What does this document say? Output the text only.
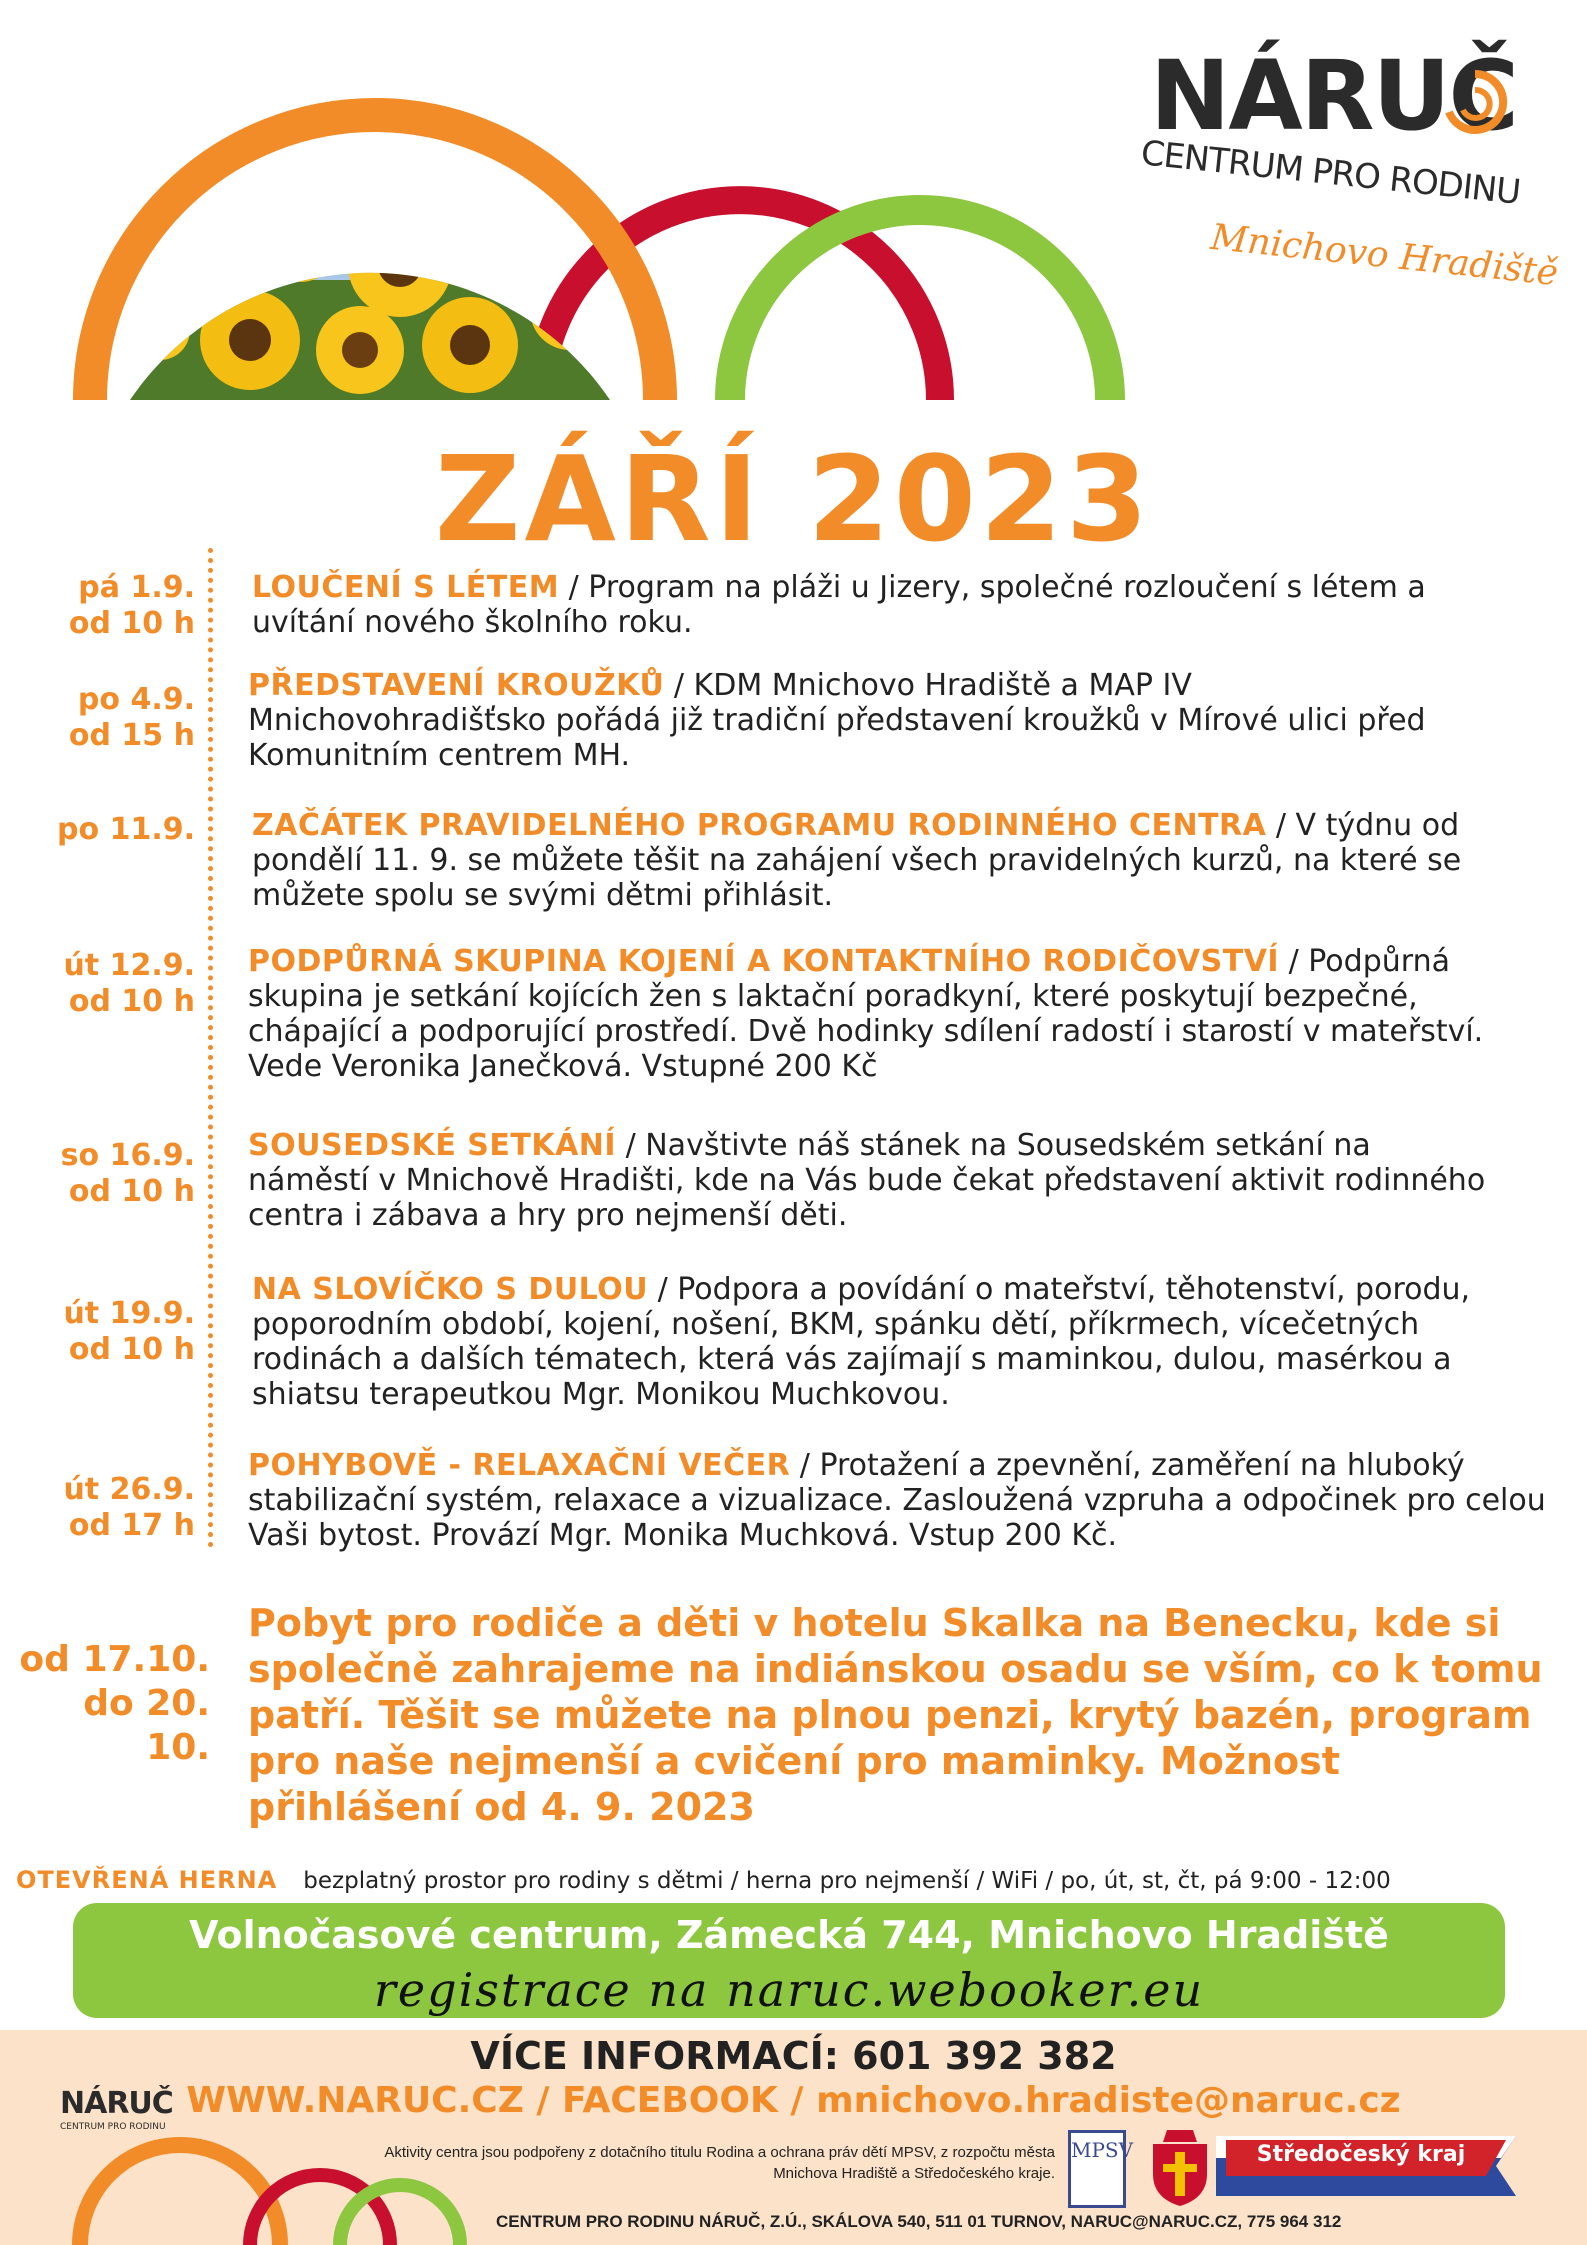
NÁRUČ
CENTRUM PRO RODINU
Mnichovo Hradiště
ZÁŘÍ 2023
pá 1.9.
od 10 h
LOUČENÍ S LÉTEM / Program na pláži u Jizery, společné rozloučení s létem a uvítání nového školního roku.
po 4.9.
od 15 h
PŘEDSTAVENÍ KROUŽKŮ / KDM Mnichovo Hradiště a MAP IV Mnichovohradišťsko pořádá již tradiční představení kroužků v Mírové ulici před Komunitním centrem MH.
po 11.9. ZAČÁTEK PRAVIDELNÉHO PROGRAMU RODINNÉHO CENTRA / V týdnu od pondělí 11. 9. se můžete těšit na zahájení všech pravidelných kurzů, na které se můžete spolu se svými dětmi přihlásit.
út 12.9.
od 10 h
PODPŮRNÁ SKUPINA KOJENÍ A KONTAKTNÍHO RODIČOVSTVÍ / Podpůrná skupina je setkání kojících žen s laktační poradkyní, které poskytují bezpečné, chápající a podporující prostředí. Dvě hodinky sdílení radostí i starostí v mateřství. Vede Veronika Janečková. Vstupné 200 Kč
so 16.9.
od 10 h
SOUSEDSKÉ SETKÁNÍ / Navštivte náš stánek na Sousedském setkání na náměstí v Mnichově Hradišti, kde na Vás bude čekat představení aktivit rodinného centra i zábava a hry pro nejmenší děti.
út 19.9.
od 10 h
NA SLOVÍČKO S DULOU / Podpora a povídání o mateřství, těhotenství, porodu, poporodním období, kojení, nošení, BKM, spánku dětí, příkrmech, vícečetných rodinách a dalších tématech, která vás zajímají s maminkou, dulou, masérkou a shiatsu terapeutkou Mgr. Monikou Muchkovou.
út 26.9.
od 17 h
POHYBOVĚ - RELAXAČNÍ VEČER / Protažení a zpevnění, zaměření na hluboký stabilizační systém, relaxace a vizualizace. Zasloužená vzpruha a odpočinek pro celou Vaši bytost. Provází Mgr. Monika Muchková. Vstup 200 Kč.
od 17.10.
do 20. 10.
Pobyt pro rodiče a děti v hotelu Skalka na Benecku, kde si společně zahrajeme na indiánskou osadu se vším, co k tomu patří. Těšit se můžete na plnou penzi, krytý bazén, program pro naše nejmenší a cvičení pro maminky. Možnost přihlášení od 4. 9. 2023
OTEVŘENÁ HERNA bezplatný prostor pro rodiny s dětmi / herna pro nejmenší / WiFi / po, út, st, čt, pá 9:00 - 12:00
Volnočasové centrum, Zámecká 744, Mnichovo Hradiště
registrace na naruc.webooker.eu
VÍCE INFORMACÍ: 601 392 382
WWW.NARUC.CZ / FACEBOOK / mnichovo.hradiste@naruc.cz
NÁRUČ
CENTRUM PRO RODINU
Aktivity centra jsou podpořeny z dotačního titulu Rodina a ochrana práv dětí MPSV, z rozpočtu města Mnichova Hradiště a Středočeského kraje.
MPSV	Středočeský kraj
CENTRUM PRO RODINU NÁRUČ, Z.Ú., SKÁLOVA 540, 511 01 TURNOV, NARUC@NARUC.CZ, 775 964 312
